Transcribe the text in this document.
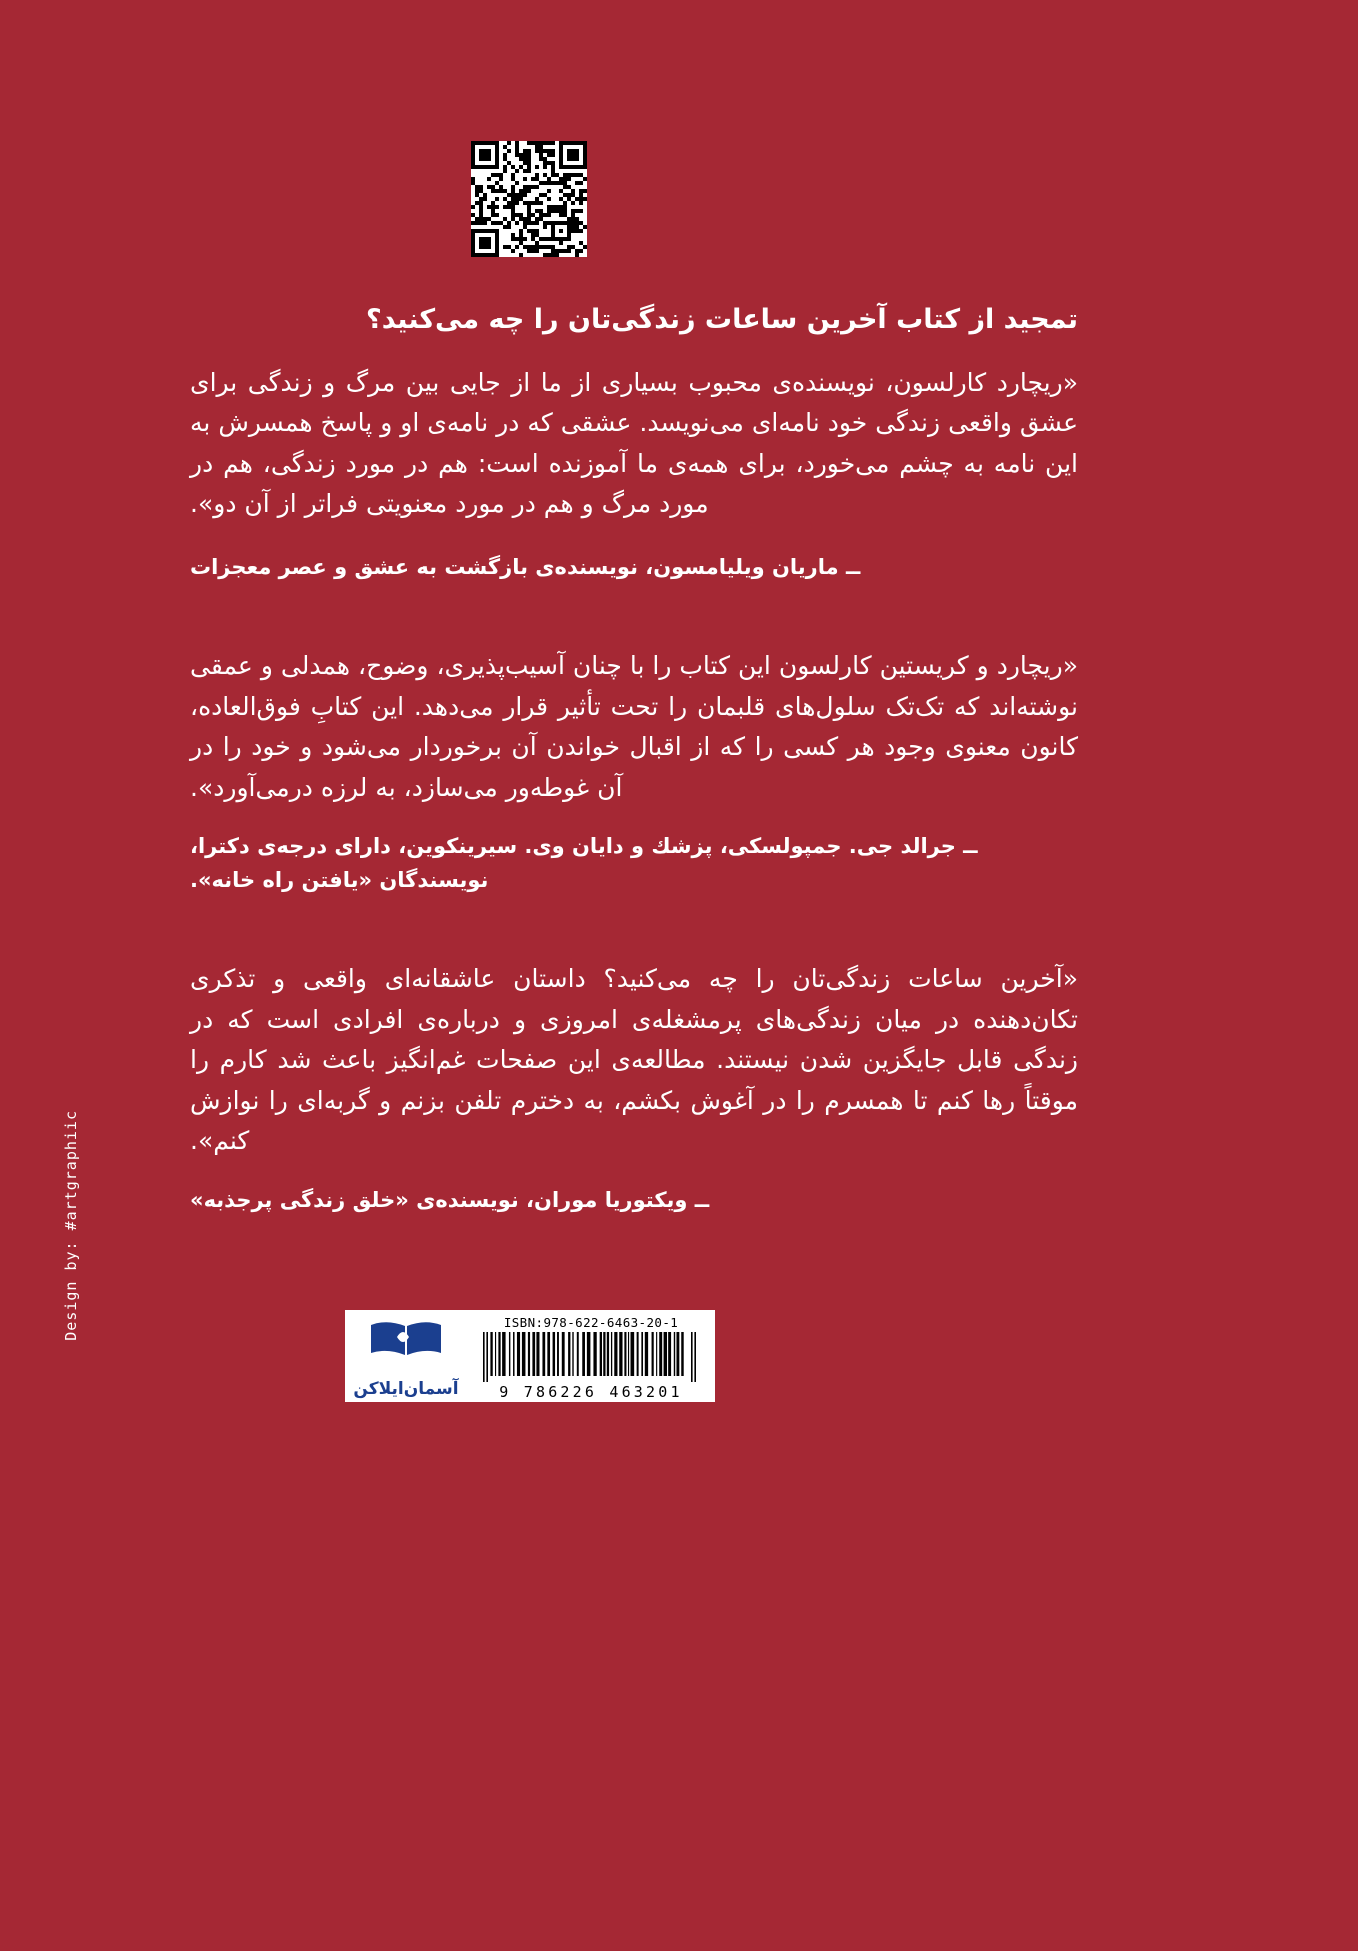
تمجید از کتاب آخرین ساعات زندگی‌تان را چه می‌کنید؟

«ریچارد کارلسون، نویسنده‌ی محبوب بسیاری از ما از جایی بین مرگ و زندگی برای عشق واقعی زندگی خود نامه‌ای می‌نویسد. عشقی که در نامه‌ی او و پاسخ همسرش به این نامه به چشم می‌خورد، برای همه‌ی ما آموزنده است: هم در مورد زندگی، هم در مورد مرگ و هم در مورد معنویتی فراتر از آن دو».

ــ ماریان ویلیامسون، نویسنده‌ی بازگشت به عشق و عصر معجزات

«ریچارد و کریستین کارلسون این کتاب را با چنان آسیب‌پذیری، وضوح، همدلی و عمقی نوشته‌اند که تک‌تک سلول‌های قلبمان را تحت تأثیر قرار می‌دهد. این کتابِ فوق‌العاده، کانون معنوی وجود هر کسی را که از اقبال خواندن آن برخوردار می‌شود و خود را در آن غوطه‌ور می‌سازد، به لرزه درمی‌آورد».

ــ جرالد جی. جمپولسکی، پزشك و دایان وی. سیرینکوین، دارای درجه‌ی دکترا، نویسندگان «یافتن راه خانه».

«آخرین ساعات زندگی‌تان را چه می‌کنید؟ داستان عاشقانه‌ای واقعی و تذکری تکان‌دهنده در میان زندگی‌های پرمشغله‌ی امروزی و درباره‌ی افرادی است که در زندگی قابل جایگزین شدن نیستند. مطالعه‌ی این صفحات غم‌انگیز باعث شد کارم را موقتاً رها کنم تا همسرم را در آغوش بکشم، به دخترم تلفن بزنم و گربه‌ای را نوازش کنم».

ــ ویکتوریا موران، نویسنده‌ی «خلق زندگی پرجذبه»

Design by: #artgraphiic
آسمان‌ایلاکن
ISBN:978-622-6463-20-1
9 786226 463201
